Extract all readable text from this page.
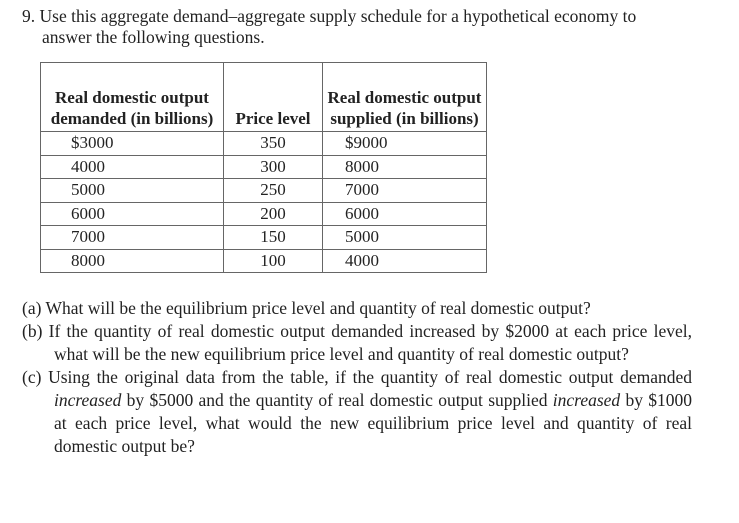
9. Use this aggregate demand–aggregate supply schedule for a hypothetical economy to
answer the following questions.
Real domestic output demanded (in billions)	Price level	Real domestic output supplied (in billions)
$3000	350	$9000
4000	300	8000
5000	250	7000
6000	200	6000
7000	150	5000
8000	100	4000
(a) What will be the equilibrium price level and quantity of real domestic output?
(b) If the quantity of real domestic output demanded increased by $2000 at each price level, what will be the new equilibrium price level and quantity of real domestic output?
(c) Using the original data from the table, if the quantity of real domestic output demanded increased by $5000 and the quantity of real domestic output supplied increased by $1000 at each price level, what would the new equilibrium price level and quantity of real domestic output be?
